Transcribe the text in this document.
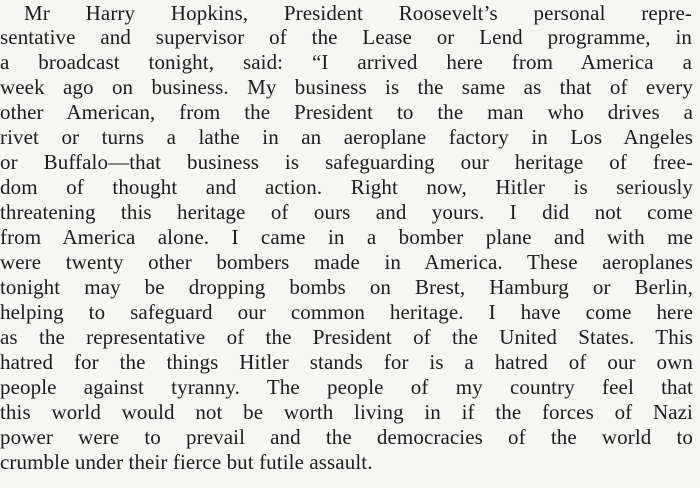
Mr Harry Hopkins, President Roosevelt’s personal repre-
sentative and supervisor of the Lease or Lend programme, in
a broadcast tonight, said: “I arrived here from America a
week ago on business. My business is the same as that of every
other American, from the President to the man who drives a
rivet or turns a lathe in an aeroplane factory in Los Angeles
or Buffalo—that business is safeguarding our heritage of free-
dom of thought and action. Right now, Hitler is seriously
threatening this heritage of ours and yours. I did not come
from America alone. I came in a bomber plane and with me
were twenty other bombers made in America. These aeroplanes
tonight may be dropping bombs on Brest, Hamburg or Berlin,
helping to safeguard our common heritage. I have come here
as the representative of the President of the United States. This
hatred for the things Hitler stands for is a hatred of our own
people against tyranny. The people of my country feel that
this world would not be worth living in if the forces of Nazi
power were to prevail and the democracies of the world to
crumble under their fierce but futile assault.
